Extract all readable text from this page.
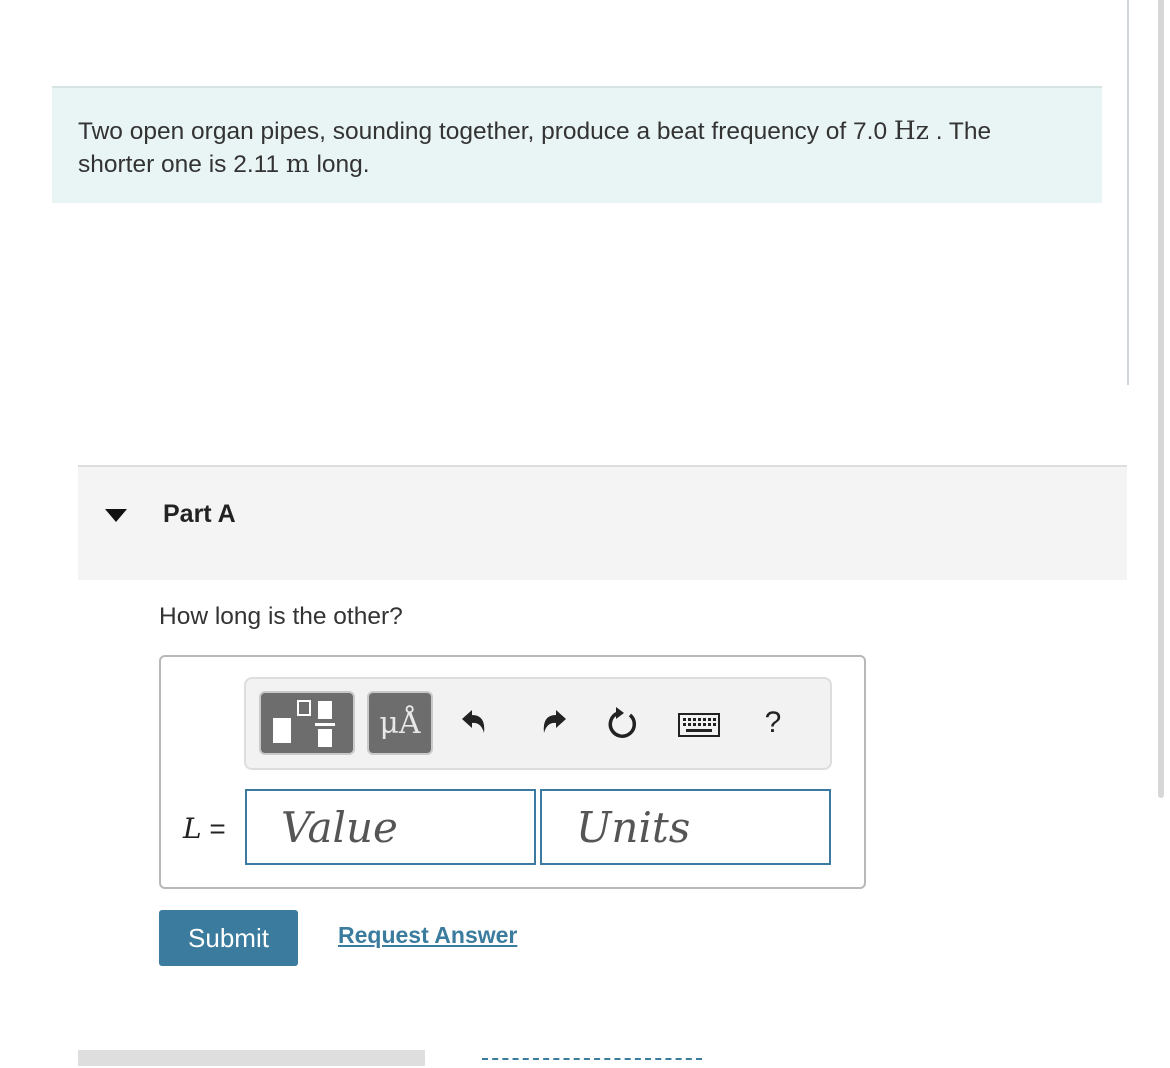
Two open organ pipes, sounding together, produce a beat frequency of 7.0 Hz . The
shorter one is 2.11 m long.
Part A
How long is the other?
μÅ	?
L =
Value
Units
Submit	Request Answer
